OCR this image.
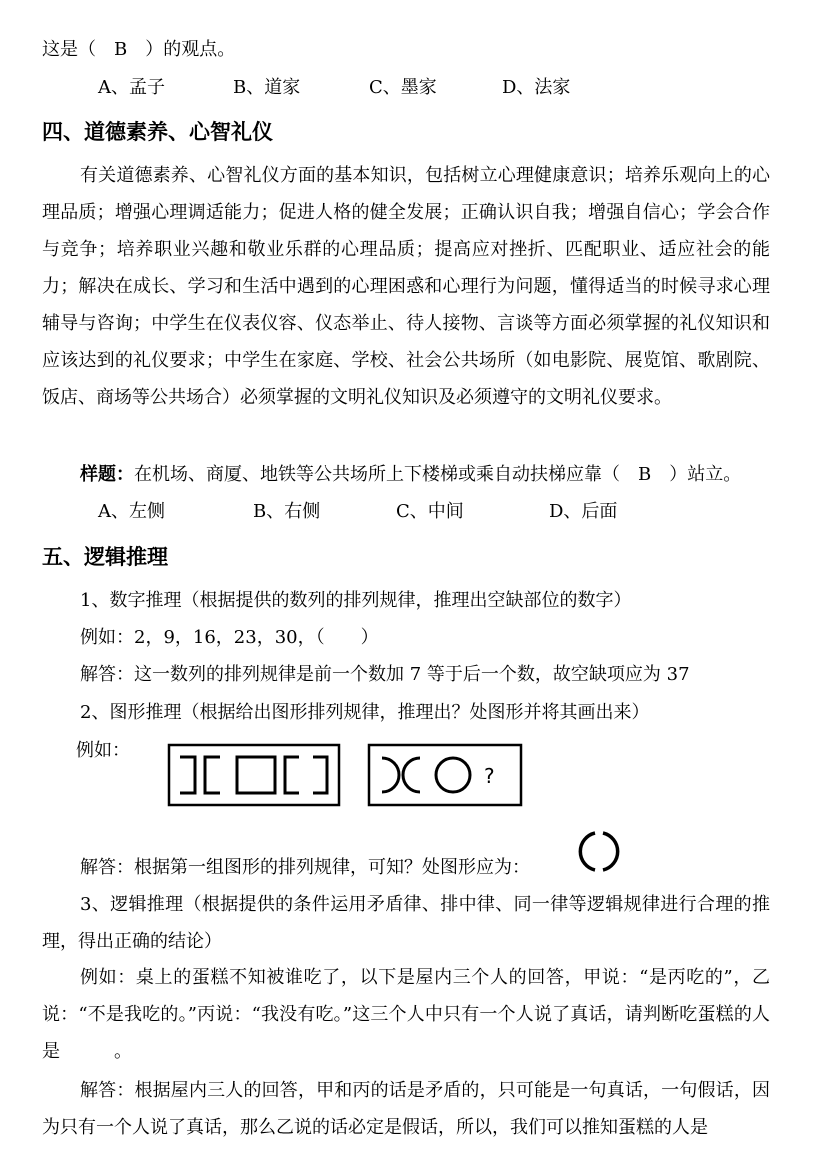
这是（　B　）的观点。
A、孟子	B、道家	C、墨家	D、法家
四、道德素养、心智礼仪
有关道德素养、心智礼仪方面的基本知识，包括树立心理健康意识；培养乐观向上的心理品质；增强心理调适能力；促进人格的健全发展；正确认识自我；增强自信心；学会合作与竞争；培养职业兴趣和敬业乐群的心理品质；提高应对挫折、匹配职业、适应社会的能力；解决在成长、学习和生活中遇到的心理困惑和心理行为问题，懂得适当的时候寻求心理辅导与咨询；中学生在仪表仪容、仪态举止、待人接物、言谈等方面必须掌握的礼仪知识和应该达到的礼仪要求；中学生在家庭、学校、社会公共场所（如电影院、展览馆、歌剧院、饭店、商场等公共场合）必须掌握的文明礼仪知识及必须遵守的文明礼仪要求。
样题：在机场、商厦、地铁等公共场所上下楼梯或乘自动扶梯应靠（　B　）站立。
A、左侧	B、右侧	C、中间	D、后面
五、逻辑推理
1、数字推理（根据提供的数列的排列规律，推理出空缺部位的数字）
例如：2，9，16，23，30，（　　）
解答：这一数列的排列规律是前一个数加 7 等于后一个数，故空缺项应为 37
2、图形推理（根据给出图形排列规律，推理出？处图形并将其画出来）
例如：
?
解答：根据第一组图形的排列规律，可知？处图形应为：
3、逻辑推理（根据提供的条件运用矛盾律、排中律、同一律等逻辑规律进行合理的推理，得出正确的结论）
例如：桌上的蛋糕不知被谁吃了，以下是屋内三个人的回答，甲说：“是丙吃的”，乙说：“不是我吃的。”丙说：“我没有吃。”这三个人中只有一个人说了真话，请判断吃蛋糕的人是　　　。
解答：根据屋内三人的回答，甲和丙的话是矛盾的，只可能是一句真话，一句假话，因为只有一个人说了真话，那么乙说的话必定是假话，所以，我们可以推知蛋糕的人是
